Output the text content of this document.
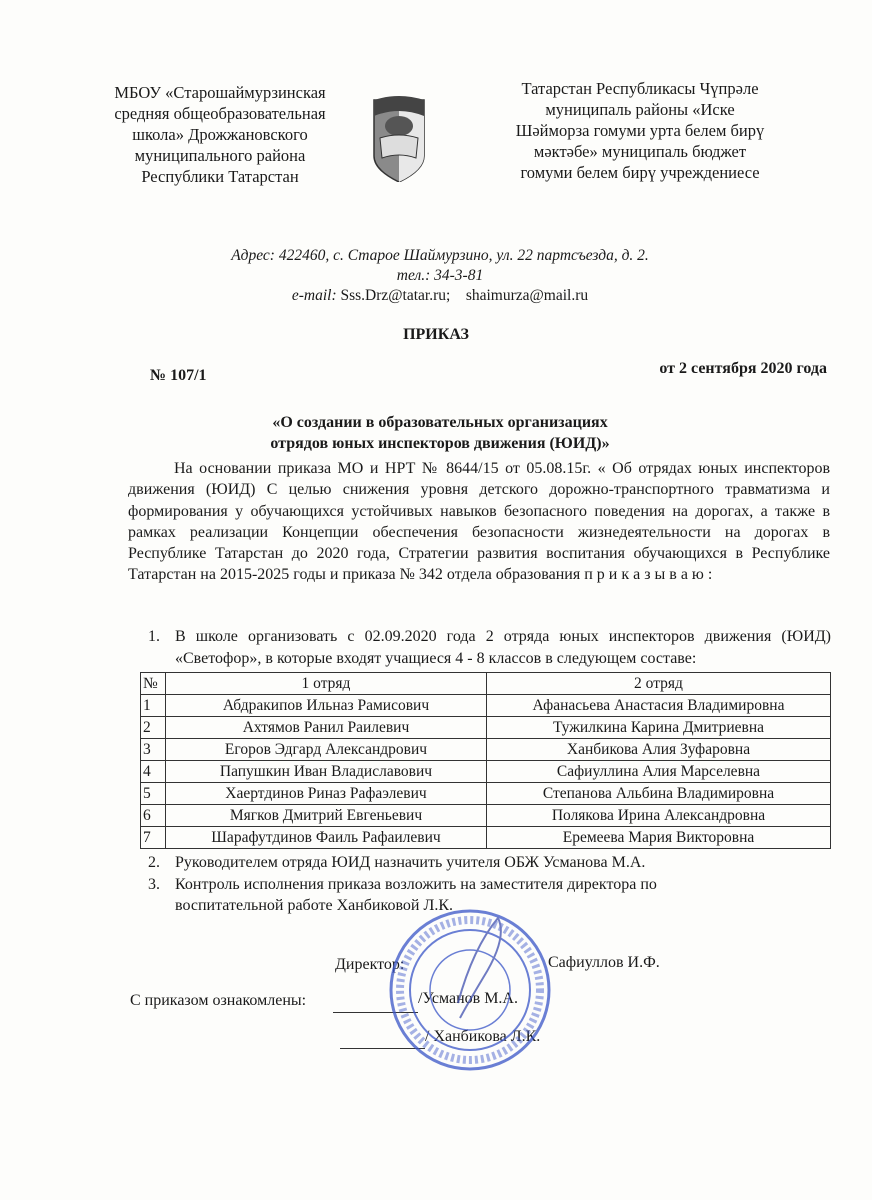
МБОУ «Старошаймурзинская
средняя общеобразовательная
школа» Дрожжановского
муниципального района
Республики Татарстан
Татарстан Республикасы Чүпрәле
муниципаль районы «Иске
Шәйморза гомуми урта белем бирү
мәктәбе» муниципаль бюджет
гомуми белем бирү учреждениесе
Адрес: 422460, с. Старое Шаймурзино, ул. 22 партсъезда, д. 2.
тел.: 34-3-81
e-mail: Sss.Drz@tatar.ru; shaimurza@mail.ru
ПРИКАЗ
№ 107/1	от 2 сентября 2020 года
«О создании в образовательных организациях
отрядов юных инспекторов движения (ЮИД)»
На основании приказа МО и НРТ № 8644/15 от 05.08.15г. « Об отрядах юных инспекторов движения (ЮИД) С целью снижения уровня детского дорожно-транспортного травматизма и формирования у обучающихся устойчивых навыков безопасного поведения на дорогах, а также в рамках реализации Концепции обеспечения безопасности жизнедеятельности на дорогах в Республике Татарстан до 2020 года, Стратегии развития воспитания обучающихся в Республике Татарстан на 2015-2025 годы и приказа № 342 отдела образования п р и к а з ы в а ю :
1. В школе организовать с 02.09.2020 года 2 отряда юных инспекторов движения (ЮИД) «Светофор», в которые входят учащиеся 4 - 8 классов в следующем составе:
№	1 отряд	2 отряд
1	Абдракипов Ильназ Рамисович	Афанасьева Анастасия Владимировна
2	Ахтямов Ранил Раилевич	Тужилкина Карина Дмитриевна
3	Егоров Эдгард Александрович	Ханбикова Алия Зуфаровна
4	Папушкин Иван Владиславович	Сафиуллина Алия Марселевна
5	Хаертдинов Риназ Рафаэлевич	Степанова Альбина Владимировна
6	Мягков Дмитрий Евгеньевич	Полякова Ирина Александровна
7	Шарафутдинов Фаиль Рафаилевич	Еремеева Мария Викторовна
2. Руководителем отряда ЮИД назначить учителя ОБЖ Усманова М.А.
3. Контроль исполнения приказа возложить на заместителя директора по воспитательной работе Ханбиковой Л.К.
Директор:	Сафиуллов И.Ф.
С приказом ознакомлены:	/Усманов М.А.
/ Ханбикова Л.К.
